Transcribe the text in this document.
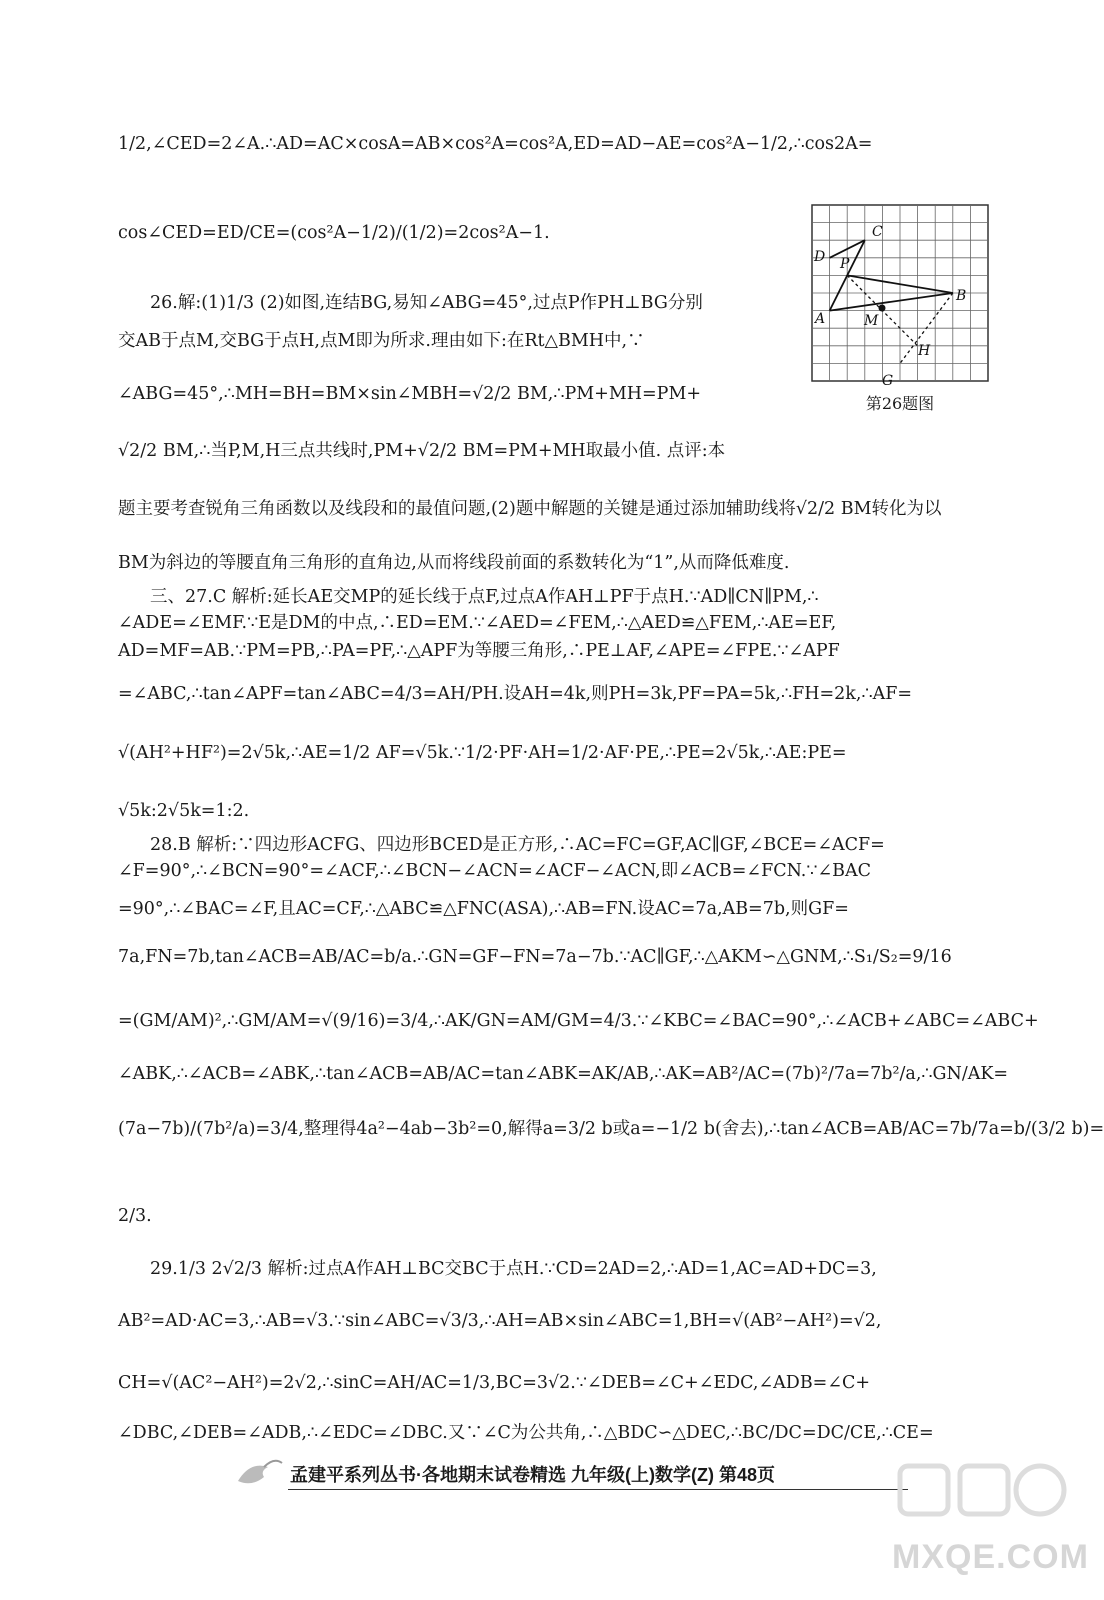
1/2,∠CED=2∠A.∴AD=AC×cosA=AB×cos²A=cos²A,ED=AD−AE=cos²A−1/2,∴cos2A=
cos∠CED=ED/CE=(cos²A−1/2)/(1/2)=2cos²A−1.
26.解:(1)1/3 (2)如图,连结BG,易知∠ABG=45°,过点P作PH⊥BG分别
交AB于点M,交BG于点H,点M即为所求.理由如下:在Rt△BMH中,∵
∠ABG=45°,∴MH=BH=BM×sin∠MBH=√2/2 BM,∴PM+MH=PM+
√2/2 BM,∴当P,M,H三点共线时,PM+√2/2 BM=PM+MH取最小值. 点评:本
题主要考查锐角三角函数以及线段和的最值问题,(2)题中解题的关键是通过添加辅助线将√2/2 BM转化为以
BM为斜边的等腰直角三角形的直角边,从而将线段前面的系数转化为“1”,从而降低难度.
三、27.C 解析:延长AE交MP的延长线于点F,过点A作AH⊥PF于点H.∵AD∥CN∥PM,∴
∠ADE=∠EMF.∵E是DM的中点,∴ED=EM.∵∠AED=∠FEM,∴△AED≌△FEM,∴AE=EF,
AD=MF=AB.∵PM=PB,∴PA=PF,∴△APF为等腰三角形,∴PE⊥AF,∠APE=∠FPE.∵∠APF
=∠ABC,∴tan∠APF=tan∠ABC=4/3=AH/PH.设AH=4k,则PH=3k,PF=PA=5k,∴FH=2k,∴AF=
√(AH²+HF²)=2√5k,∴AE=1/2 AF=√5k.∵1/2·PF·AH=1/2·AF·PE,∴PE=2√5k,∴AE:PE=
√5k:2√5k=1:2.
28.B 解析:∵四边形ACFG、四边形BCED是正方形,∴AC=FC=GF,AC∥GF,∠BCE=∠ACF=
∠F=90°,∴∠BCN=90°=∠ACF,∴∠BCN−∠ACN=∠ACF−∠ACN,即∠ACB=∠FCN.∵∠BAC
=90°,∴∠BAC=∠F,且AC=CF,∴△ABC≌△FNC(ASA),∴AB=FN.设AC=7a,AB=7b,则GF=
7a,FN=7b,tan∠ACB=AB/AC=b/a.∴GN=GF−FN=7a−7b.∵AC∥GF,∴△AKM∽△GNM,∴S₁/S₂=9/16
=(GM/AM)²,∴GM/AM=√(9/16)=3/4,∴AK/GN=AM/GM=4/3.∵∠KBC=∠BAC=90°,∴∠ACB+∠ABC=∠ABC+
∠ABK,∴∠ACB=∠ABK,∴tan∠ACB=AB/AC=tan∠ABK=AK/AB,∴AK=AB²/AC=(7b)²/7a=7b²/a,∴GN/AK=
(7a−7b)/(7b²/a)=3/4,整理得4a²−4ab−3b²=0,解得a=3/2 b或a=−1/2 b(舍去),∴tan∠ACB=AB/AC=7b/7a=b/(3/2 b)=
2/3.
29.1/3 2√2/3 解析:过点A作AH⊥BC交BC于点H.∵CD=2AD=2,∴AD=1,AC=AD+DC=3,
AB²=AD·AC=3,∴AB=√3.∵sin∠ABC=√3/3,∴AH=AB×sin∠ABC=1,BH=√(AB²−AH²)=√2,
CH=√(AC²−AH²)=2√2,∴sinC=AH/AC=1/3,BC=3√2.∵∠DEB=∠C+∠EDC,∠ADB=∠C+
∠DBC,∠DEB=∠ADB,∴∠EDC=∠DBC.又∵∠C为公共角,∴△BDC∽△DEC,∴BC/DC=DC/CE,∴CE=
C
D P
B
A	M
H
G
第26题图
孟建平系列丛书·各地期末试卷精选 九年级(上)数学(Z) 第48页
MXQE.COM
